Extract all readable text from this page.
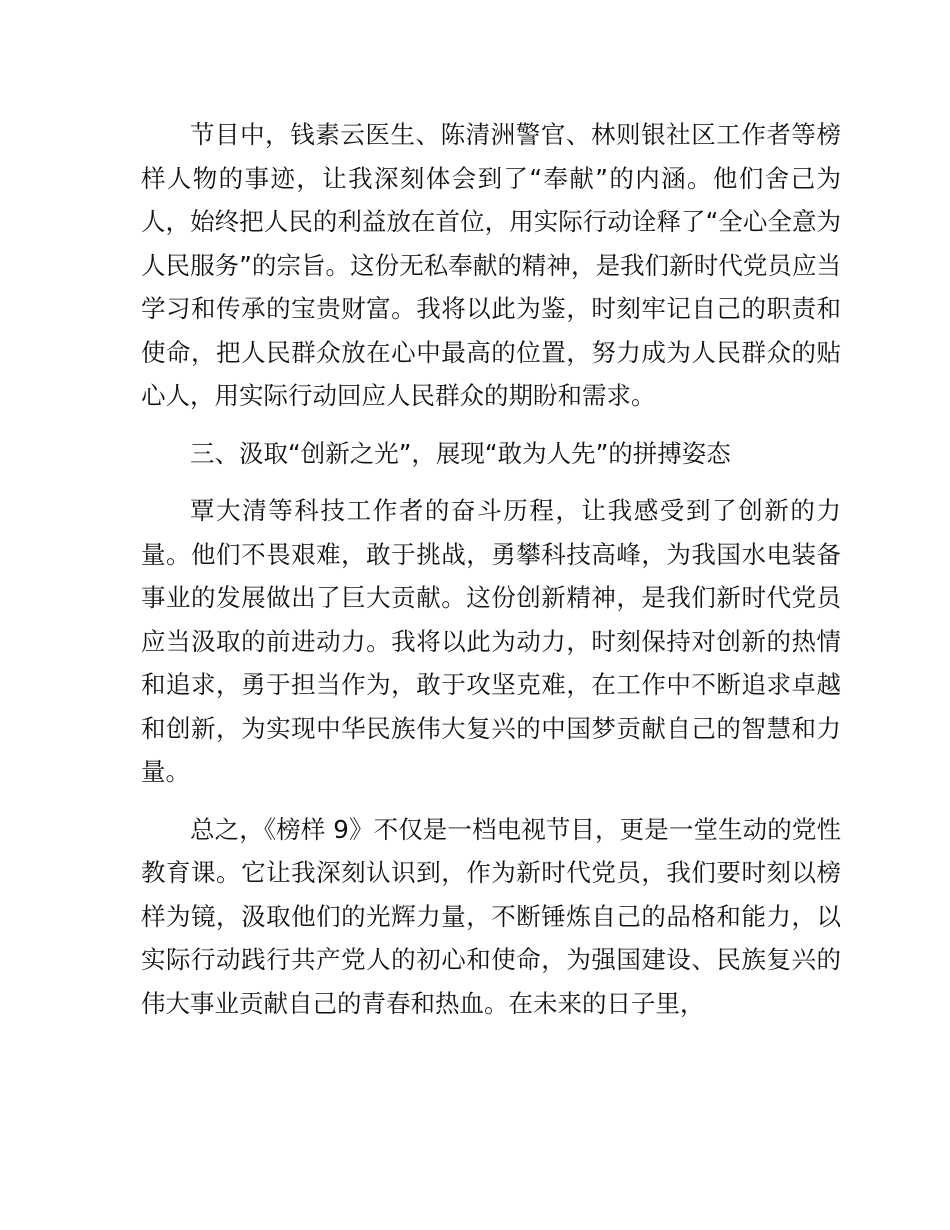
节目中，钱素云医生、陈清洲警官、林则银社区工作者等榜样人物的事迹，让我深刻体会到了“奉献”的内涵。他们舍己为人，始终把人民的利益放在首位，用实际行动诠释了“全心全意为人民服务”的宗旨。这份无私奉献的精神，是我们新时代党员应当学习和传承的宝贵财富。我将以此为鉴，时刻牢记自己的职责和使命，把人民群众放在心中最高的位置，努力成为人民群众的贴心人，用实际行动回应人民群众的期盼和需求。

三、汲取“创新之光”，展现“敢为人先”的拼搏姿态

覃大清等科技工作者的奋斗历程，让我感受到了创新的力量。他们不畏艰难，敢于挑战，勇攀科技高峰，为我国水电装备事业的发展做出了巨大贡献。这份创新精神，是我们新时代党员应当汲取的前进动力。我将以此为动力，时刻保持对创新的热情和追求，勇于担当作为，敢于攻坚克难，在工作中不断追求卓越和创新，为实现中华民族伟大复兴的中国梦贡献自己的智慧和力量。

总之，《榜样 9》不仅是一档电视节目，更是一堂生动的党性教育课。它让我深刻认识到，作为新时代党员，我们要时刻以榜样为镜，汲取他们的光辉力量，不断锤炼自己的品格和能力，以实际行动践行共产党人的初心和使命，为强国建设、民族复兴的伟大事业贡献自己的青春和热血。在未来的日子里，
